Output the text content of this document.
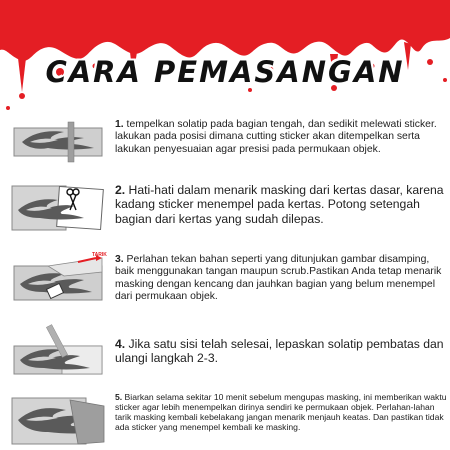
CARA PEMASANGAN
1. tempelkan solatip pada bagian tengah, dan sedikit melewati sticker. lakukan pada posisi dimana cutting sticker akan ditempelkan serta lakukan penyesuaian agar presisi pada permukaan objek.
2. Hati-hati dalam menarik masking dari kertas dasar, karena kadang sticker menempel pada kertas. Potong setengah bagian dari kertas yang sudah dilepas.
TARIK 3. Perlahan tekan bahan seperti yang ditunjukan gambar disamping, baik menggunakan tangan maupun scrub.Pastikan Anda tetap menarik masking dengan kencang dan jauhkan bagian yang belum menempel dari permukaan objek.
4. Jika satu sisi telah selesai, lepaskan solatip pembatas dan ulangi langkah 2-3.
5. Biarkan selama sekitar 10 menit sebelum mengupas masking, ini memberikan waktu sticker agar lebih menempelkan dirinya sendiri ke permukaan objek. Perlahan-lahan tarik masking kembali kebelakang jangan menarik menjauh keatas. Dan pastikan tidak ada sticker yang menempel kembali ke masking.
